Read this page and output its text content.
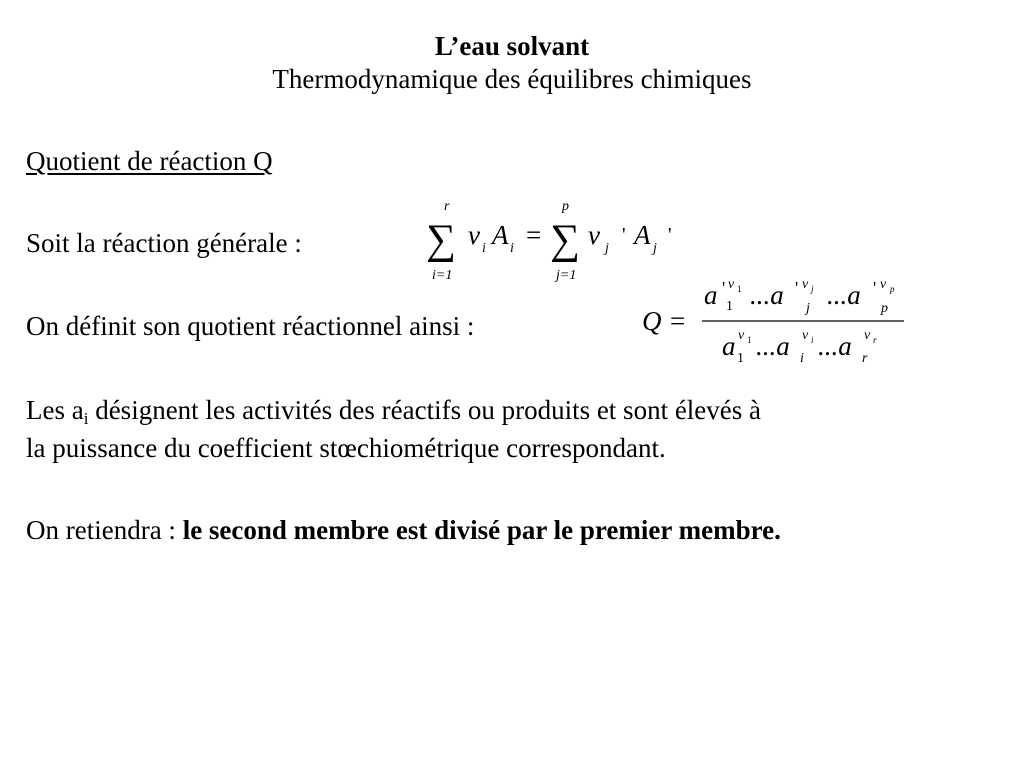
L’eau solvant
Thermodynamique des équilibres chimiques
Quotient de réaction Q
Soit la réaction générale :
r
∑
i=1
ν i A i =
p
∑
j=1
ν j
' A j
'
On définit son quotient réactionnel ainsi :	Q =
a '
1
ν 1 ...a '
j
ν j ...a '
p
ν p
a 1
ν 1 ...a i
ν i ...a r
ν r
Les $a_i$ désignent les activités des réactifs ou produits et sont élevés à
la puissance du coefficient stœchiométrique correspondant.
On retiendra : le second membre est divisé par le premier membre.
